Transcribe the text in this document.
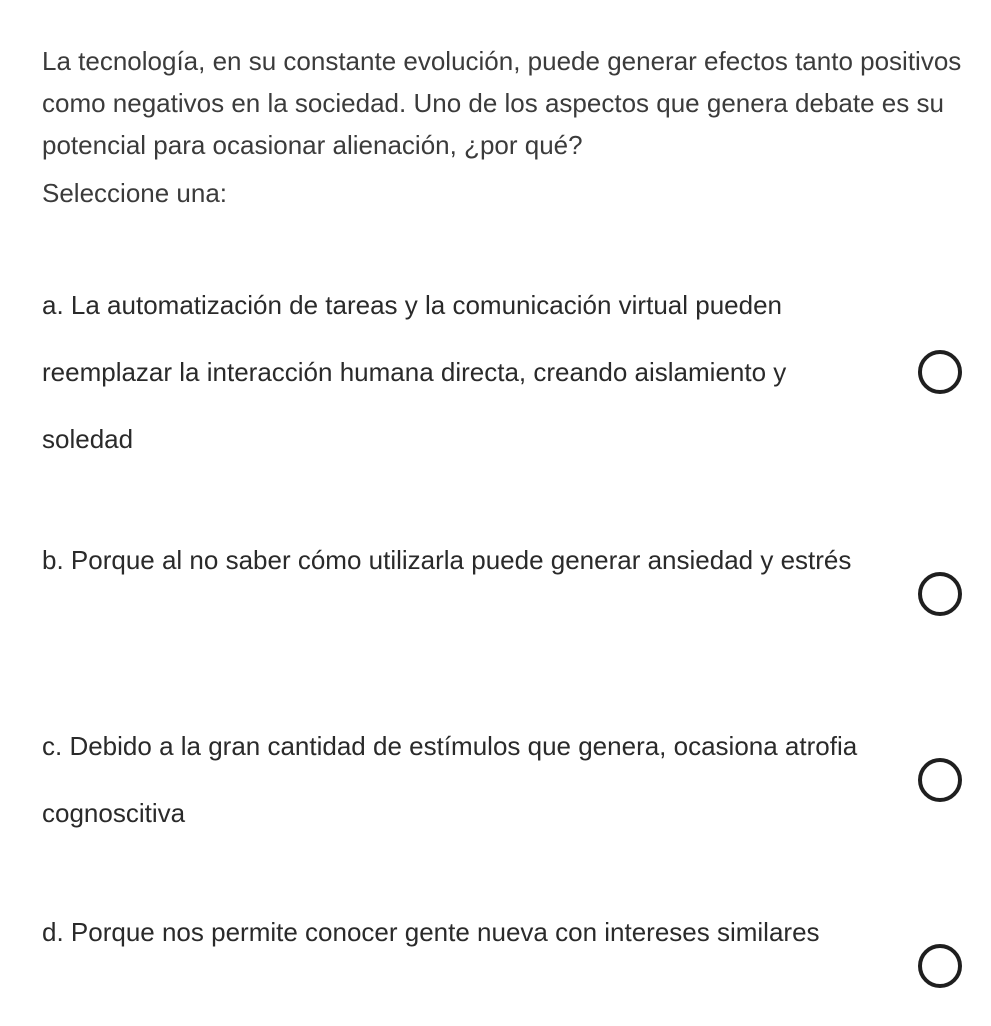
La tecnología, en su constante evolución, puede generar efectos tanto positivos como negativos en la sociedad. Uno de los aspectos que genera debate es su potencial para ocasionar alienación, ¿por qué?

Seleccione una:

a. La automatización de tareas y la comunicación virtual pueden reemplazar la interacción humana directa, creando aislamiento y soledad
b. Porque al no saber cómo utilizarla puede generar ansiedad y estrés
c. Debido a la gran cantidad de estímulos que genera, ocasiona atrofia cognoscitiva
d. Porque nos permite conocer gente nueva con intereses similares
